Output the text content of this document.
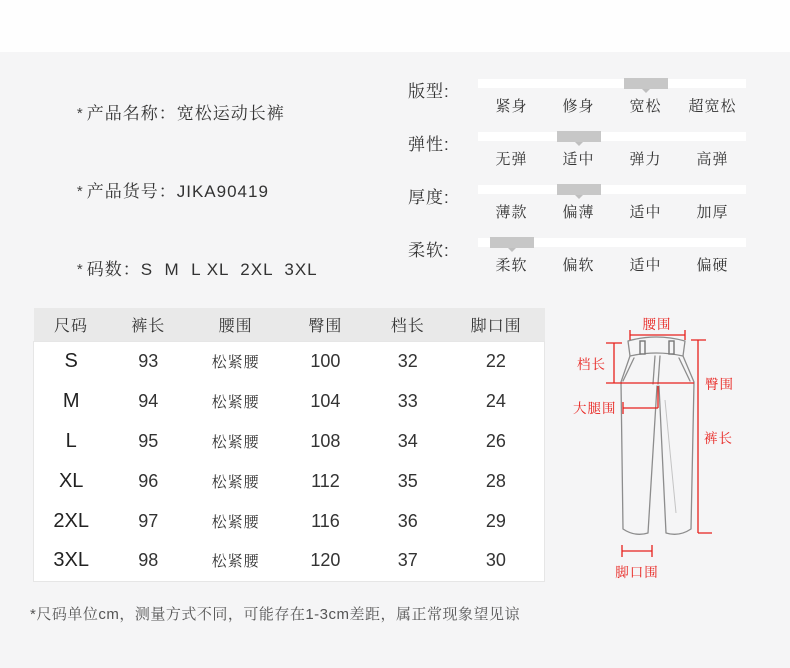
* 产品名称：宽松运动长裤

* 产品货号：JIKA90419

* 码数：S  M  L XL  2XL  3XL

版型:
紧身	修身	宽松	超宽松
弹性:
无弹	适中	弹力	高弹
厚度:
薄款	偏薄	适中	加厚
柔软:
柔软	偏软	适中	偏硬
尺码	裤长	腰围	臀围	档长	脚口围
S	93	松紧腰	100	32	22
M	94	松紧腰	104	33	24
L	95	松紧腰	108	34	26
XL	96	松紧腰	112	35	28
2XL	97	松紧腰	116	36	29
3XL	98	松紧腰	120	37	30
腰围
档长
臀围
大腿围
裤长
脚口围
*尺码单位cm，测量方式不同，可能存在1-3cm差距，属正常现象望见谅
